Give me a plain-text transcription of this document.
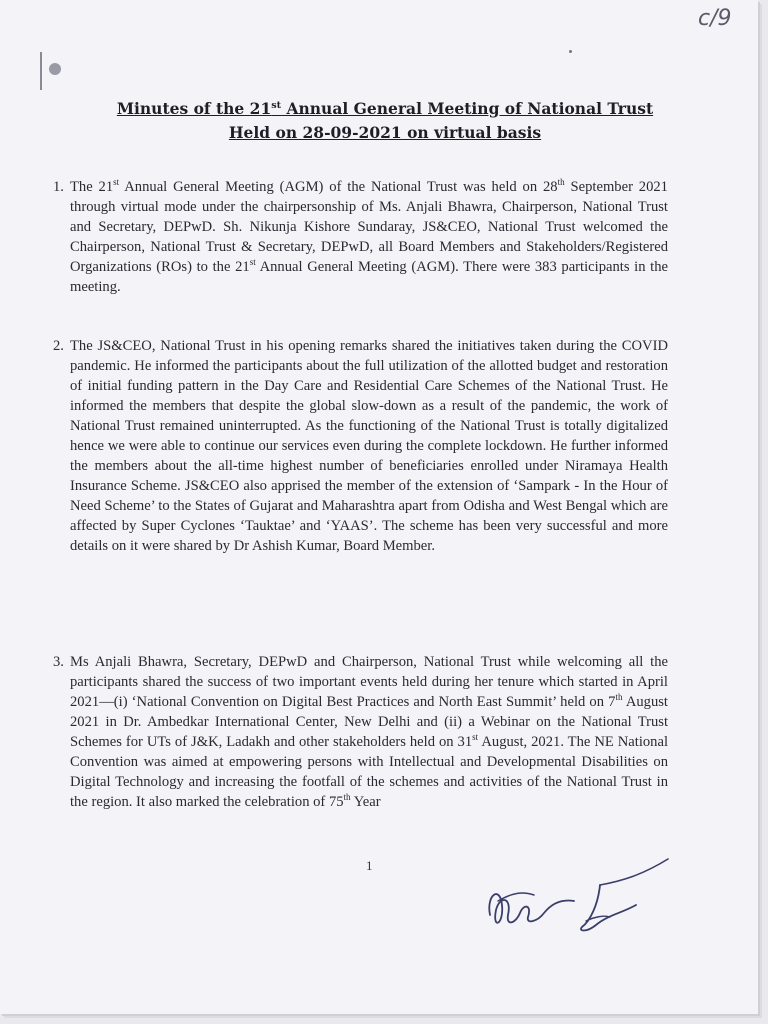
c/9
Minutes of the 21st Annual General Meeting of National Trust
Held on 28-09-2021 on virtual basis
1. The 21st Annual General Meeting (AGM) of the National Trust was held on 28th September 2021 through virtual mode under the chairpersonship of Ms. Anjali Bhawra, Chairperson, National Trust and Secretary, DEPwD. Sh. Nikunja Kishore Sundaray, JS&CEO, National Trust welcomed the Chairperson, National Trust & Secretary, DEPwD, all Board Members and Stakeholders/Registered Organizations (ROs) to the 21st Annual General Meeting (AGM). There were 383 participants in the meeting.
2. The JS&CEO, National Trust in his opening remarks shared the initiatives taken during the COVID pandemic. He informed the participants about the full utilization of the allotted budget and restoration of initial funding pattern in the Day Care and Residential Care Schemes of the National Trust. He informed the members that despite the global slow-down as a result of the pandemic, the work of National Trust remained uninterrupted. As the functioning of the National Trust is totally digitalized hence we were able to continue our services even during the complete lockdown. He further informed the members about the all-time highest number of beneficiaries enrolled under Niramaya Health Insurance Scheme. JS&CEO also apprised the member of the extension of ‘Sampark - In the Hour of Need Scheme’ to the States of Gujarat and Maharashtra apart from Odisha and West Bengal which are affected by Super Cyclones ‘Tauktae’ and ‘YAAS’. The scheme has been very successful and more details on it were shared by Dr Ashish Kumar, Board Member.
3. Ms Anjali Bhawra, Secretary, DEPwD and Chairperson, National Trust while welcoming all the participants shared the success of two important events held during her tenure which started in April 2021—(i) ‘National Convention on Digital Best Practices and North East Summit’ held on 7th August 2021 in Dr. Ambedkar International Center, New Delhi and (ii) a Webinar on the National Trust Schemes for UTs of J&K, Ladakh and other stakeholders held on 31st August, 2021. The NE National Convention was aimed at empowering persons with Intellectual and Developmental Disabilities on Digital Technology and increasing the footfall of the schemes and activities of the National Trust in the region. It also marked the celebration of 75th Year
1
